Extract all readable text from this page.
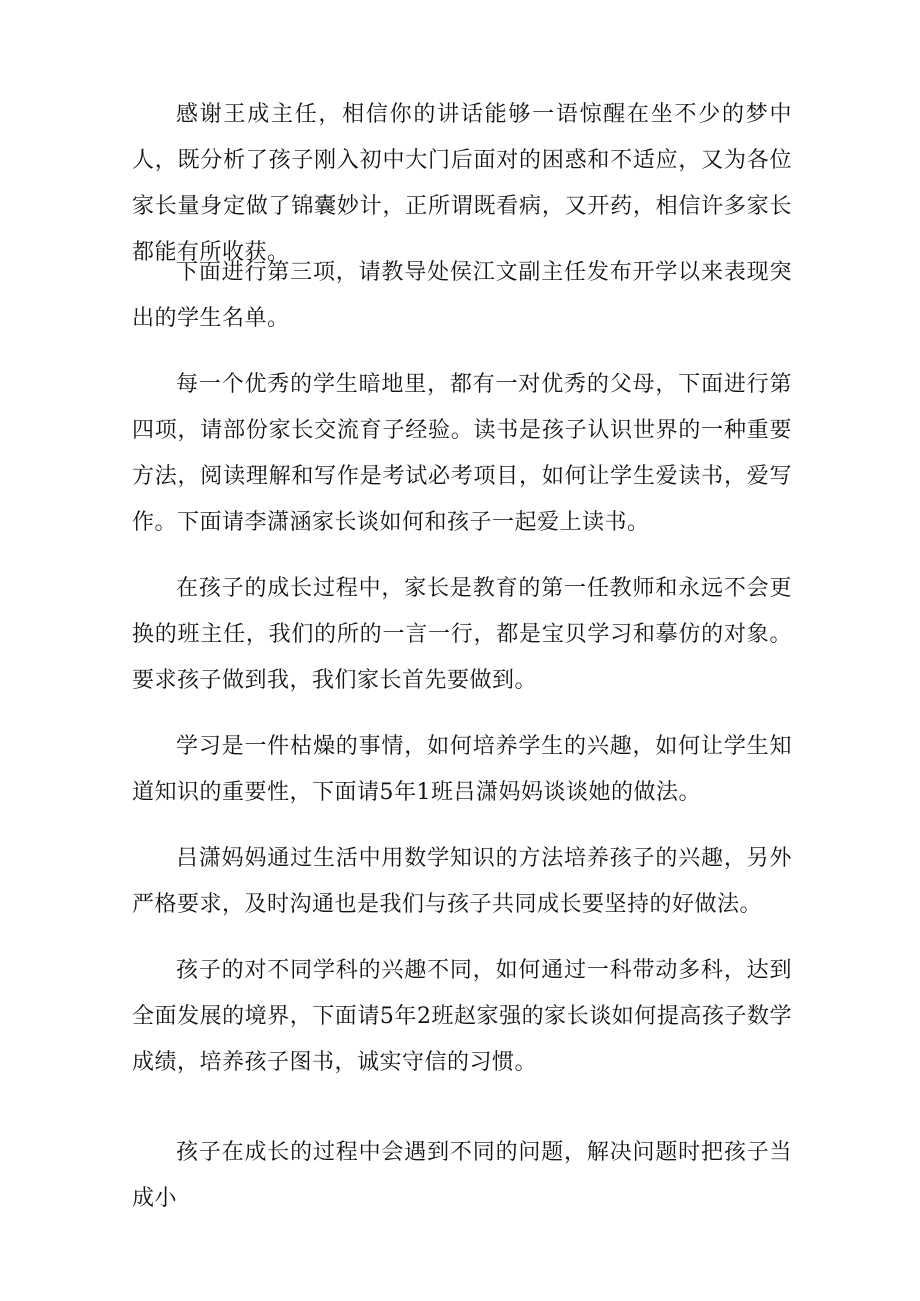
感谢王成主任，相信你的讲话能够一语惊醒在坐不少的梦中人，既分析了孩子刚入初中大门后面对的困惑和不适应，又为各位家长量身定做了锦囊妙计，正所谓既看病，又开药，相信许多家长都能有所收获。

下面进行第三项，请教导处侯江文副主任发布开学以来表现突出的学生名单。

每一个优秀的学生暗地里，都有一对优秀的父母，下面进行第四项，请部份家长交流育子经验。读书是孩子认识世界的一种重要方法，阅读理解和写作是考试必考项目，如何让学生爱读书，爱写作。下面请李潇涵家长谈如何和孩子一起爱上读书。

在孩子的成长过程中，家长是教育的第一任教师和永远不会更换的班主任，我们的所的一言一行，都是宝贝学习和摹仿的对象。要求孩子做到我，我们家长首先要做到。

学习是一件枯燥的事情，如何培养学生的兴趣，如何让学生知道知识的重要性，下面请5年1班吕潇妈妈谈谈她的做法。

吕潇妈妈通过生活中用数学知识的方法培养孩子的兴趣，另外严格要求，及时沟通也是我们与孩子共同成长要坚持的好做法。

孩子的对不同学科的兴趣不同，如何通过一科带动多科，达到全面发展的境界，下面请5年2班赵家强的家长谈如何提高孩子数学成绩，培养孩子图书，诚实守信的习惯。

孩子在成长的过程中会遇到不同的问题，解决问题时把孩子当成小
